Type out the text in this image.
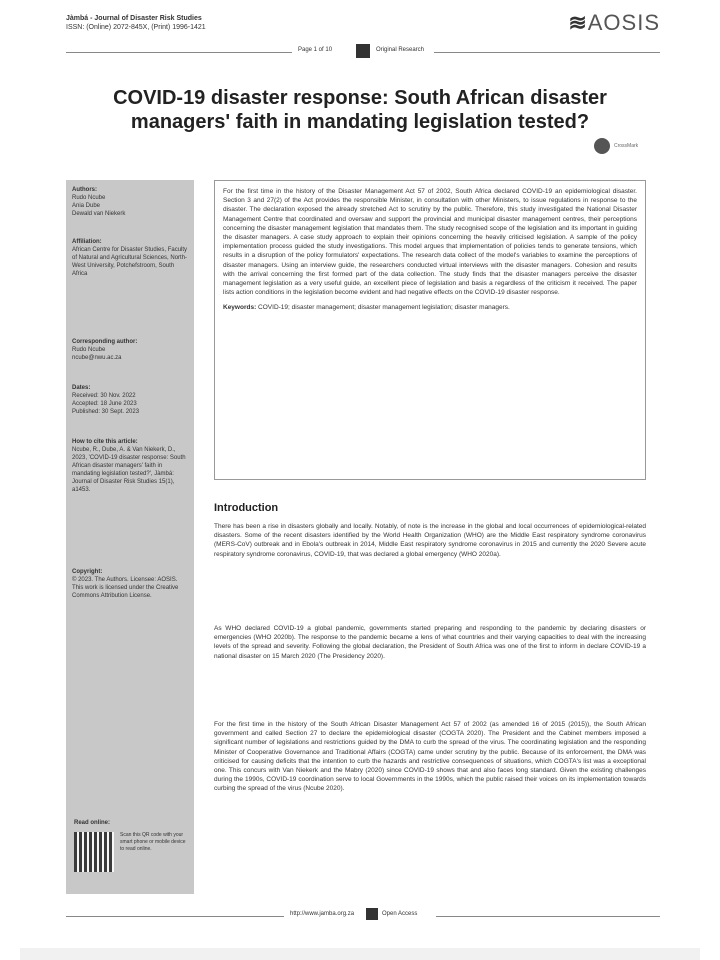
Jàmbá - Journal of Disaster Risk Studies
ISSN: (Online) 2072-845X, (Print) 1996-1421	≋AOSIS
Page 1 of 10	Original Research
COVID-19 disaster response: South African disaster managers' faith in mandating legislation tested?
CrossMark
Authors:
Rudo Ncube
Ania Dube
Dewald van Niekerk
Affiliation:
African Centre for Disaster Studies, Faculty of Natural and Agricultural Sciences, North-West University, Potchefstroom, South Africa
Corresponding author:
Rudo Ncube
ncube@nwu.ac.za
Dates:
Received: 30 Nov. 2022
Accepted: 18 June 2023
Published: 30 Sept. 2023
How to cite this article:
Ncube, R., Dube, A. & Van Niekerk, D., 2023, 'COVID-19 disaster response: South African disaster managers' faith in mandating legislation tested?', Jàmbá: Journal of Disaster Risk Studies 15(1), a1453.
Copyright:
© 2023. The Authors. Licensee: AOSIS. This work is licensed under the Creative Commons Attribution License.
Read online:
Scan this QR code with your smart phone or mobile device to read online.
For the first time in the history of the Disaster Management Act 57 of 2002, South Africa declared COVID-19 an epidemiological disaster. Section 3 and 27(2) of the Act provides the responsible Minister, in consultation with other Ministers, to issue regulations in response to the disaster. The declaration exposed the already stretched Act to scrutiny by the public. Therefore, this study investigated the National Disaster Management Centre that coordinated and oversaw and support the provincial and municipal disaster management centres, their perceptions concerning the disaster management legislation that mandates them. The study recognised scope of the legislation and its important in guiding the disaster managers. A case study approach to explain their opinions concerning the heavily criticised legislation. A sample of the policy implementation process guided the study investigations. This model argues that implementation of policies tends to generate tensions, which results in a disruption of the policy formulators' expectations. The research data collect of the model's variables to examine the perceptions of disaster managers. Using an interview guide, the researchers conducted virtual interviews with the disaster managers. Cohesion and results with the arrival concerning the first formed part of the data collection. The study finds that the disaster managers perceive the disaster management legislation as a very useful guide, an excellent piece of legislation and basis a regardless of the criticism it received. The paper lists action conditions in the legislation become evident and had negative effects on the COVID-19 disaster response.
Keywords: COVID-19; disaster management; disaster management legislation; disaster managers.
Introduction
There has been a rise in disasters globally and locally. Notably, of note is the increase in the global and local occurrences of epidemiological-related disasters. Some of the recent disasters identified by the World Health Organization (WHO) are the Middle East respiratory syndrome coronavirus (MERS-CoV) outbreak and in Ebola's outbreak in 2014, Middle East respiratory syndrome coronavirus in 2015 and currently the 2020 Severe acute respiratory syndrome coronavirus, COVID-19, that was declared a global emergency (WHO 2020a).
As WHO declared COVID-19 a global pandemic, governments started preparing and responding to the pandemic by declaring disasters or emergencies (WHO 2020b). The response to the pandemic became a lens of what countries and their varying capacities to deal with the increasing levels of the spread and severity. Following the global declaration, the President of South Africa was one of the first to inform in declare COVID-19 a national disaster on 15 March 2020 (The Presidency 2020).
For the first time in the history of the South African Disaster Management Act 57 of 2002 (as amended 16 of 2015 (2015)), the South African government and called Section 27 to declare the epidemiological disaster (COGTA 2020). The President and the Cabinet members imposed a significant number of legislations and restrictions guided by the DMA to curb the spread of the virus. The coordinating legislation and the responding Minister of Cooperative Governance and Traditional Affairs (COGTA) came under scrutiny by the public. Because of its enforcement, the DMA was criticised for causing deficits that the intention to curb the hazards and restrictive consequences of situations, which COGTA's list was a exceptional one. This concurs with Van Niekerk and the Mabry (2020) since COVID-19 shows that and also faces long standard. Given the existing challenges during the 1990s, COVID-19 coordination serve to local Governments in the 1990s, which the public raised their voices on its implementation towards curbing the spread of the virus (Ncube 2020).
http://www.jamba.org.za	Open Access
